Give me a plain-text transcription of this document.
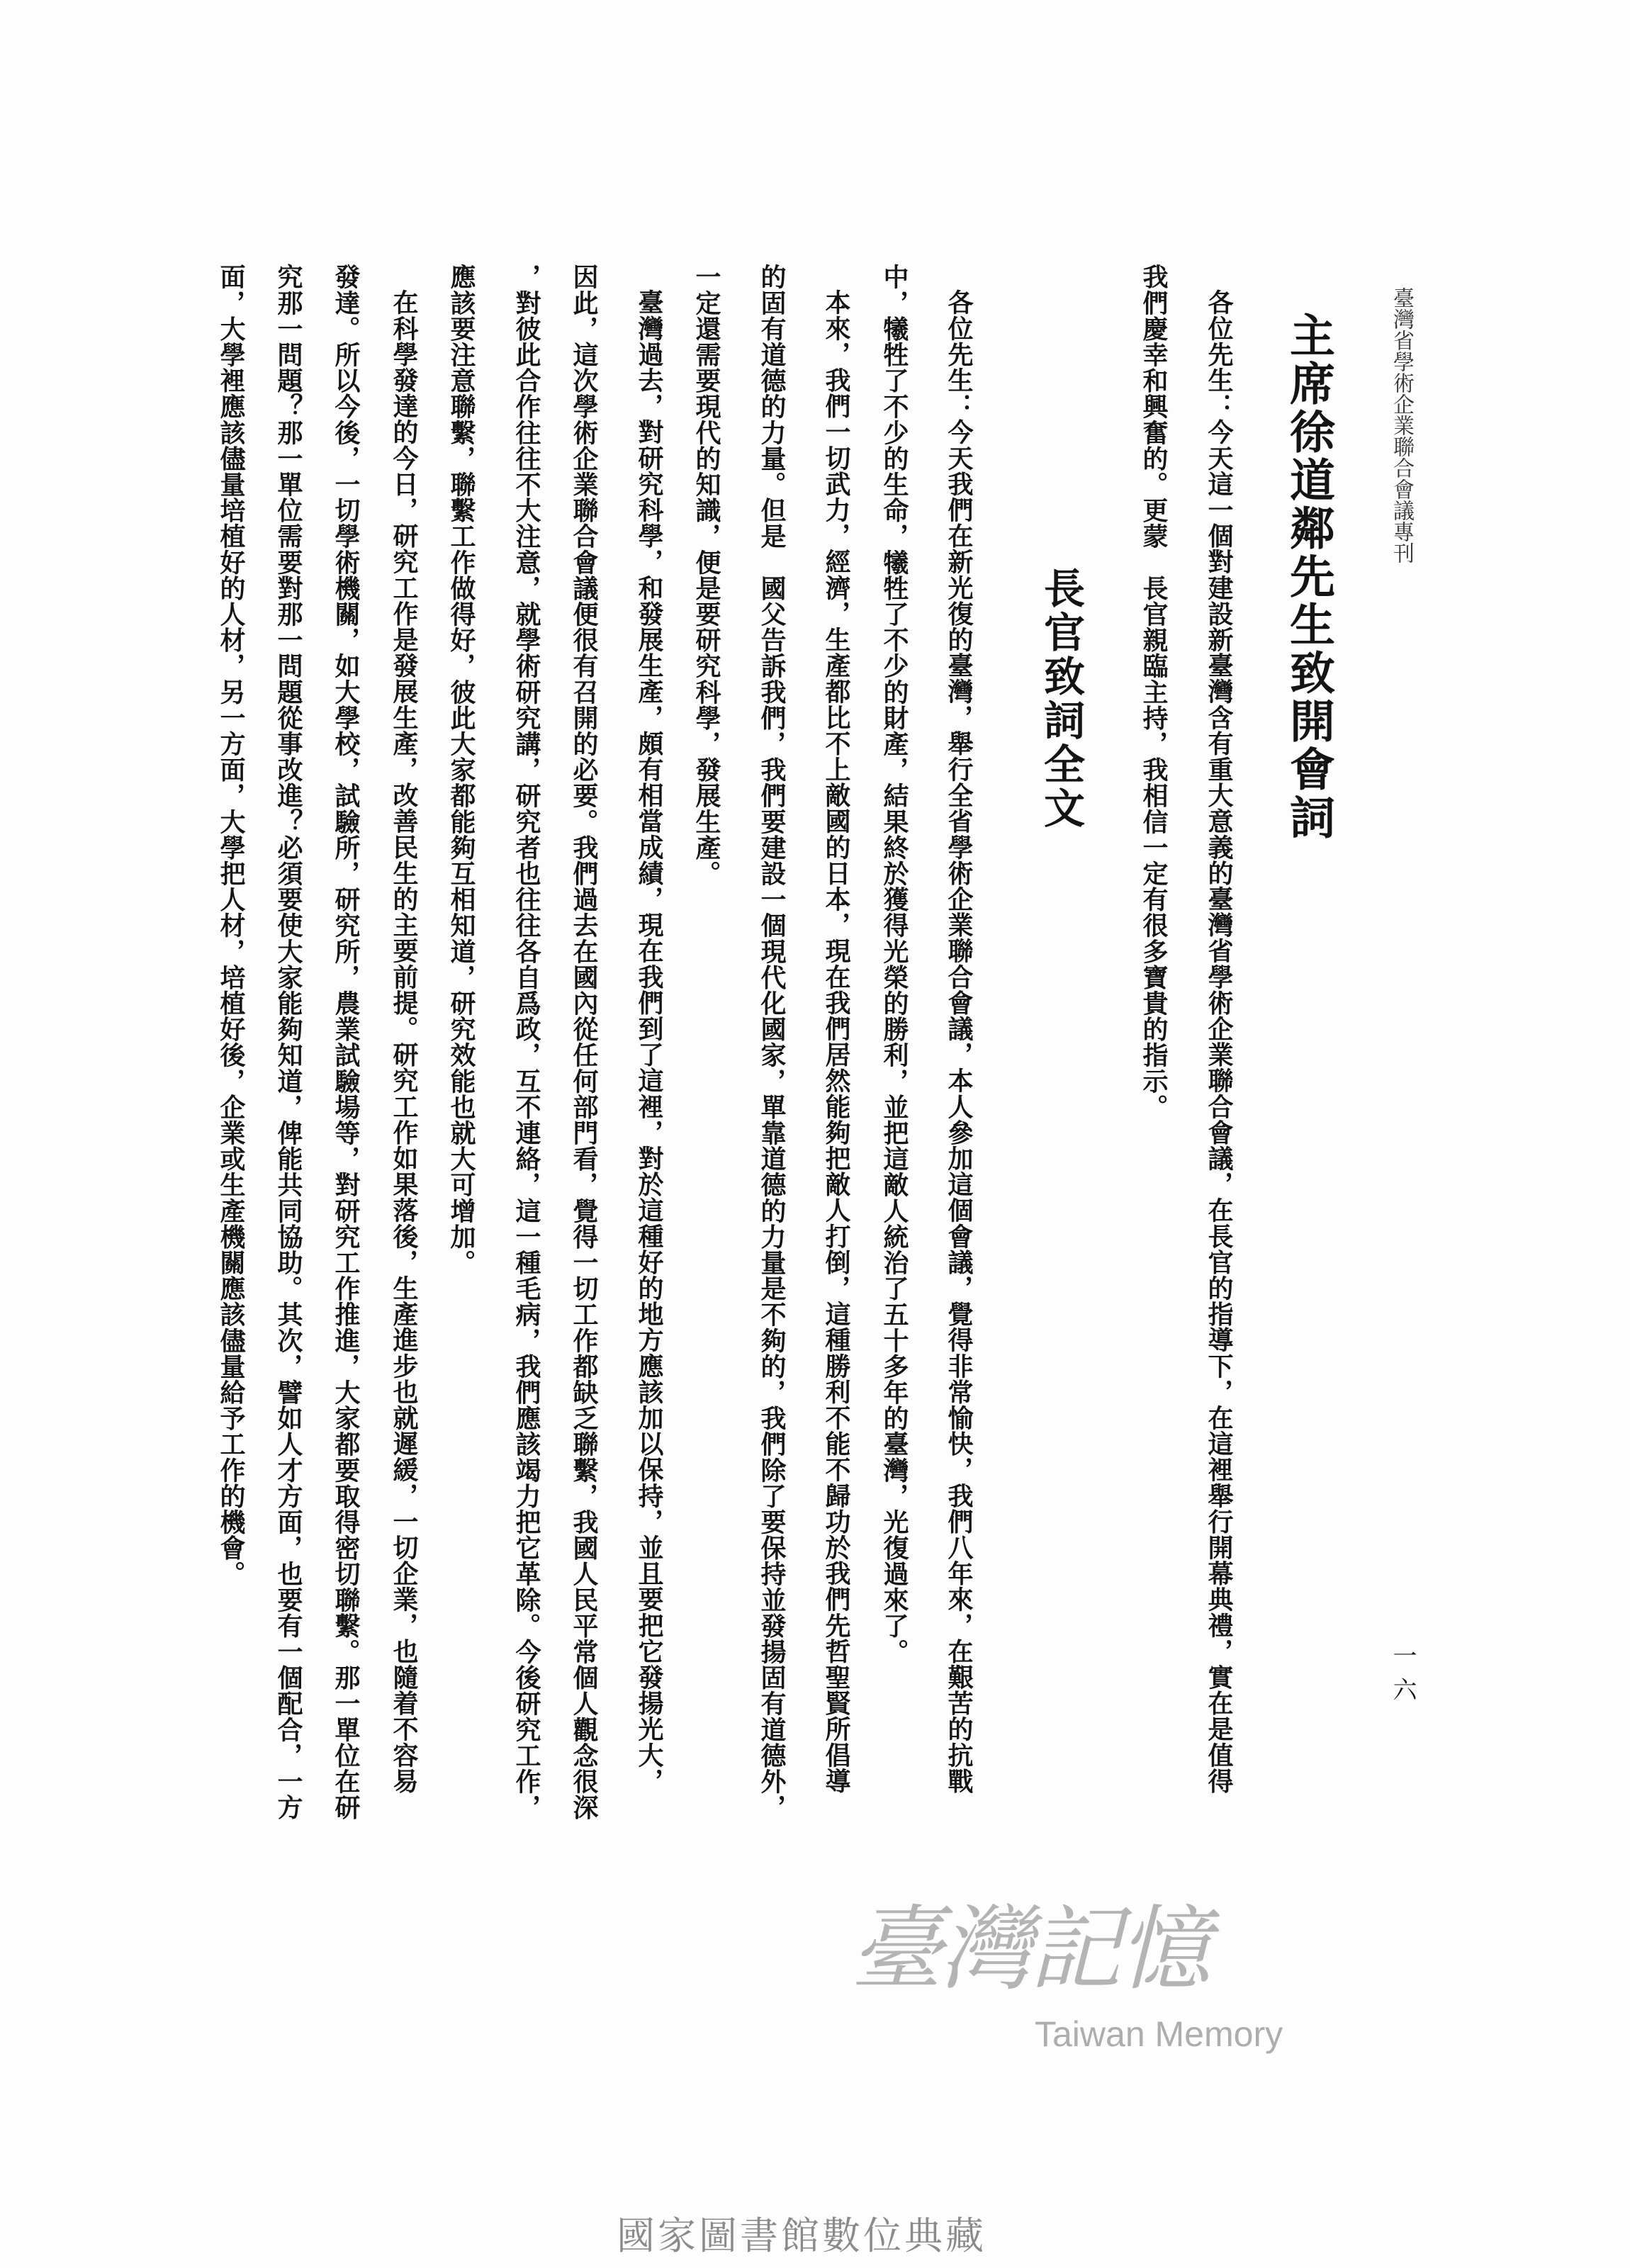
臺灣省學術企業聯合會議專刊
一六
主席徐道鄰先生致開會詞
各位先生：今天這一個對建設新臺灣含有重大意義的臺灣省學術企業聯合會議，在長官的指導下，在這裡舉行開幕典禮，實在是值得
我們慶幸和興奮的。更蒙　長官親臨主持，我相信一定有很多寶貴的指示。
長官致詞全文
各位先生：今天我們在新光復的臺灣，舉行全省學術企業聯合會議，本人參加這個會議，覺得非常愉快，我們八年來，在艱苦的抗戰
中，犧牲了不少的生命，犧牲了不少的財產，結果終於獲得光榮的勝利，並把這敵人統治了五十多年的臺灣，光復過來了。
本來，我們一切武力，經濟，生產都比不上敵國的日本，現在我們居然能夠把敵人打倒，這種勝利不能不歸功於我們先哲聖賢所倡導
的固有道德的力量。但是　國父告訴我們，我們要建設一個現代化國家，單靠道德的力量是不夠的，我們除了要保持並發揚固有道德外，
一定還需要現代的知識，便是要研究科學，發展生產。
臺灣過去，對研究科學，和發展生產，頗有相當成績，現在我們到了這裡，對於這種好的地方應該加以保持，並且要把它發揚光大，
因此，這次學術企業聯合會議便很有召開的必要。我們過去在國內從任何部門看，覺得一切工作都缺乏聯繫，我國人民平常個人觀念很深
，對彼此合作往往不大注意，就學術研究講，研究者也往往各自爲政，互不連絡，這一種毛病，我們應該竭力把它革除。今後研究工作，
應該要注意聯繫，聯繫工作做得好，彼此大家都能夠互相知道，研究效能也就大可增加。
在科學發達的今日，研究工作是發展生產，改善民生的主要前提。研究工作如果落後，生產進步也就遲緩，一切企業，也隨着不容易
發達。所以今後，一切學術機關，如大學校，試驗所，研究所，農業試驗場等，對研究工作推進，大家都要取得密切聯繫。那一單位在研
究那一問題？那一單位需要對那一問題從事改進？必須要使大家能夠知道，俾能共同協助。其次，譬如人才方面，也要有一個配合，一方
面，大學裡應該儘量培植好的人材，另一方面，大學把人材，培植好後，企業或生產機關應該儘量給予工作的機會。
臺灣記憶
Taiwan Memory
國家圖書館數位典藏
